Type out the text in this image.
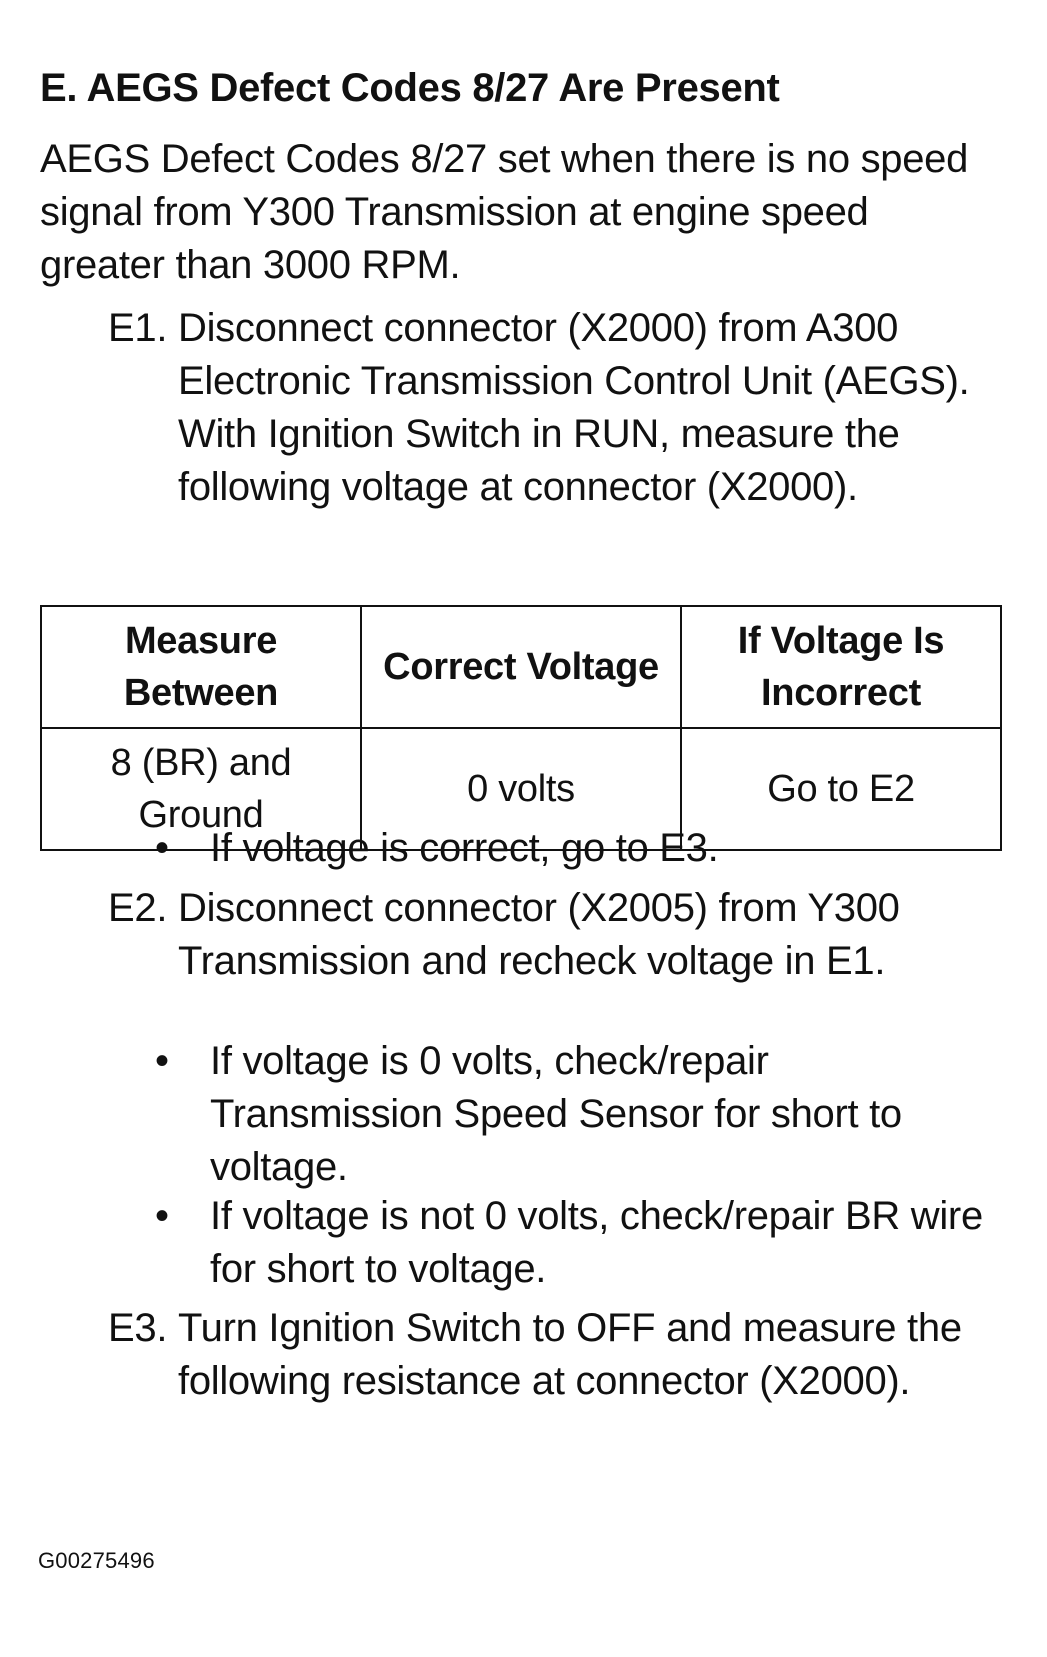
E. AEGS Defect Codes 8/27 Are Present

AEGS Defect Codes 8/27 set when there is no speed signal from Y300 Transmission at engine speed greater than 3000 RPM.

E1. Disconnect connector (X2000) from A300 Electronic Transmission Control Unit (AEGS). With Ignition Switch in RUN, measure the following voltage at connector (X2000).
Measure Between	Correct Voltage	If Voltage Is Incorrect
8 (BR) and Ground	0 volts	Go to E2
• If voltage is correct, go to E3.
E2. Disconnect connector (X2005) from Y300 Transmission and recheck voltage in E1.
• If voltage is 0 volts, check/repair Transmission Speed Sensor for short to voltage.
• If voltage is not 0 volts, check/repair BR wire for short to voltage.
E3. Turn Ignition Switch to OFF and measure the following resistance at connector (X2000).
G00275496
